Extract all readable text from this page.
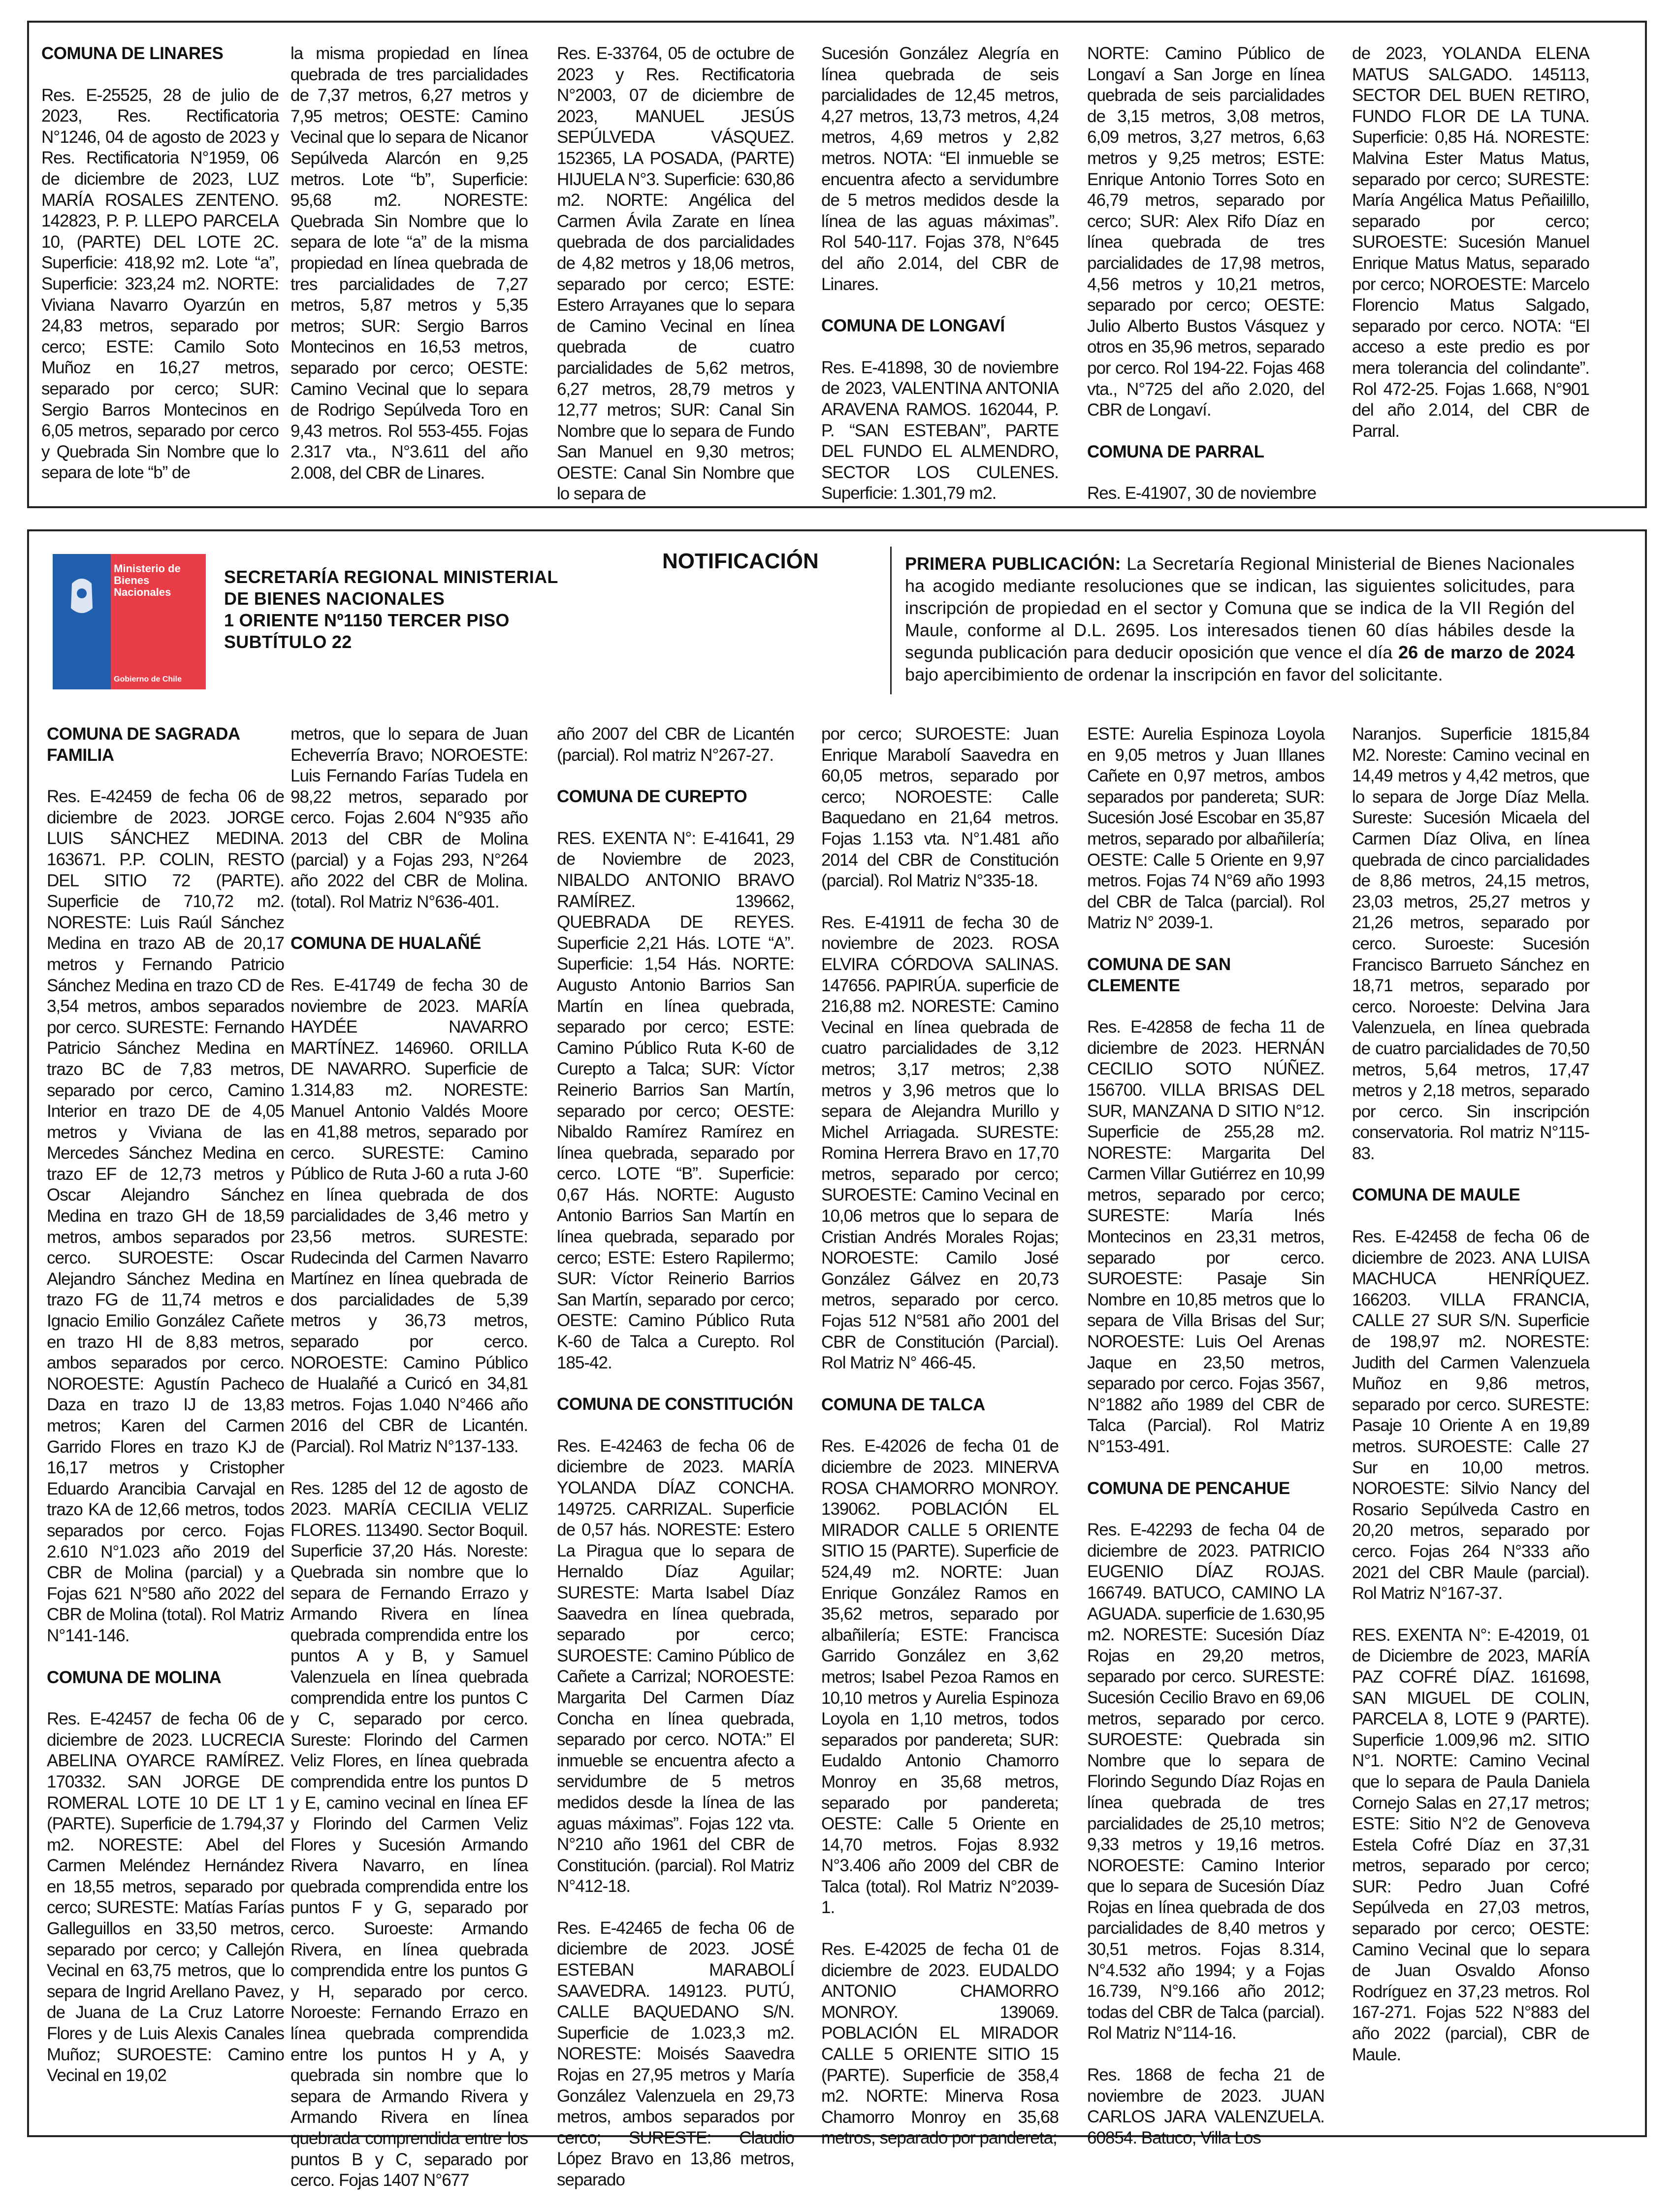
Ministerio de Bienes Nacionales
Gobierno de Chile
SECRETARÍA REGIONAL MINISTERIAL
DE BIENES NACIONALES
1 ORIENTE Nº1150 TERCER PISO
SUBTÍTULO 22
NOTIFICACIÓN	PRIMERA PUBLICACIÓN: La Secretaría Regional Ministerial de Bienes Nacionales ha acogido mediante resoluciones que se indican, las siguientes solicitudes, para inscripción de propiedad en el sector y Comuna que se indica de la VII Región del Maule, conforme al D.L. 2695. Los interesados tienen 60 días hábiles desde la segunda publicación para deducir oposición que vence el día 26 de marzo de 2024 bajo apercibimiento de ordenar la inscripción en favor del solicitante.
COMUNA DE LINARES

Res. E-25525, 28 de julio de 2023, Res. Rectificatoria N°1246, 04 de agosto de 2023 y Res. Rectificatoria N°1959, 06 de diciembre de 2023, LUZ MARÍA ROSALES ZENTENO. 142823, P. P. LLEPO PARCELA 10, (PARTE) DEL LOTE 2C. Superficie: 418,92 m2. Lote “a”, Superficie: 323,24 m2. NORTE: Viviana Navarro Oyarzún en 24,83 metros, separado por cerco; ESTE: Camilo Soto Muñoz en 16,27 metros, separado por cerco; SUR: Sergio Barros Montecinos en 6,05 metros, separado por cerco y Quebrada Sin Nombre que lo separa de lote “b” de

la misma propiedad en línea quebrada de tres parcialidades de 7,37 metros, 6,27 metros y 7,95 metros; OESTE: Camino Vecinal que lo separa de Nicanor Sepúlveda Alarcón en 9,25 metros. Lote “b”, Superficie: 95,68 m2. NORESTE: Quebrada Sin Nombre que lo separa de lote “a” de la misma propiedad en línea quebrada de tres parcialidades de 7,27 metros, 5,87 metros y 5,35 metros; SUR: Sergio Barros Montecinos en 16,53 metros, separado por cerco; OESTE: Camino Vecinal que lo separa de Rodrigo Sepúlveda Toro en 9,43 metros. Rol 553-455. Fojas 2.317 vta., N°3.611 del año 2.008, del CBR de Linares.

Res. E-33764, 05 de octubre de 2023 y Res. Rectificatoria N°2003, 07 de diciembre de 2023, MANUEL JESÚS SEPÚLVEDA VÁSQUEZ. 152365, LA POSADA, (PARTE) HIJUELA N°3. Superficie: 630,86 m2. NORTE: Angélica del Carmen Ávila Zarate en línea quebrada de dos parcialidades de 4,82 metros y 18,06 metros, separado por cerco; ESTE: Estero Arrayanes que lo separa de Camino Vecinal en línea quebrada de cuatro parcialidades de 5,62 metros, 6,27 metros, 28,79 metros y 12,77 metros; SUR: Canal Sin Nombre que lo separa de Fundo San Manuel en 9,30 metros; OESTE: Canal Sin Nombre que lo separa de

Sucesión González Alegría en línea quebrada de seis parcialidades de 12,45 metros, 4,27 metros, 13,73 metros, 4,24 metros, 4,69 metros y 2,82 metros. NOTA: “El inmueble se encuentra afecto a servidumbre de 5 metros medidos desde la línea de las aguas máximas”. Rol 540-117. Fojas 378, N°645 del año 2.014, del CBR de Linares.

COMUNA DE LONGAVÍ

Res. E-41898, 30 de noviembre de 2023, VALENTINA ANTONIA ARAVENA RAMOS. 162044, P. P. “SAN ESTEBAN”, PARTE DEL FUNDO EL ALMENDRO, SECTOR LOS CULENES. Superficie: 1.301,79 m2.

NORTE: Camino Público de Longaví a San Jorge en línea quebrada de seis parcialidades de 3,15 metros, 3,08 metros, 6,09 metros, 3,27 metros, 6,63 metros y 9,25 metros; ESTE: Enrique Antonio Torres Soto en 46,79 metros, separado por cerco; SUR: Alex Rifo Díaz en línea quebrada de tres parcialidades de 17,98 metros, 4,56 metros y 10,21 metros, separado por cerco; OESTE: Julio Alberto Bustos Vásquez y otros en 35,96 metros, separado por cerco. Rol 194-22. Fojas 468 vta., N°725 del año 2.020, del CBR de Longaví.

COMUNA DE PARRAL

Res. E-41907, 30 de noviembre

de 2023, YOLANDA ELENA MATUS SALGADO. 145113, SECTOR DEL BUEN RETIRO, FUNDO FLOR DE LA TUNA. Superficie: 0,85 Há. NORESTE: Malvina Ester Matus Matus, separado por cerco; SURESTE: María Angélica Matus Peñailillo, separado por cerco; SUROESTE: Sucesión Manuel Enrique Matus Matus, separado por cerco; NOROESTE: Marcelo Florencio Matus Salgado, separado por cerco. NOTA: “El acceso a este predio es por mera tolerancia del colindante”. Rol 472-25. Fojas 1.668, N°901 del año 2.014, del CBR de Parral.

COMUNA DE SAGRADA FAMILIA

Res. E-42459 de fecha 06 de diciembre de 2023. JORGE LUIS SÁNCHEZ MEDINA. 163671. P.P. COLIN, RESTO DEL SITIO 72 (PARTE). Superficie de 710,72 m2. NORESTE: Luis Raúl Sánchez Medina en trazo AB de 20,17 metros y Fernando Patricio Sánchez Medina en trazo CD de 3,54 metros, ambos separados por cerco. SURESTE: Fernando Patricio Sánchez Medina en trazo BC de 7,83 metros, separado por cerco, Camino Interior en trazo DE de 4,05 metros y Viviana de las Mercedes Sánchez Medina en trazo EF de 12,73 metros y Oscar Alejandro Sánchez Medina en trazo GH de 18,59 metros, ambos separados por cerco. SUROESTE: Oscar Alejandro Sánchez Medina en trazo FG de 11,74 metros e Ignacio Emilio González Cañete en trazo HI de 8,83 metros, ambos separados por cerco. NOROESTE: Agustín Pacheco Daza en trazo IJ de 13,83 metros; Karen del Carmen Garrido Flores en trazo KJ de 16,17 metros y Cristopher Eduardo Arancibia Carvajal en trazo KA de 12,66 metros, todos separados por cerco. Fojas 2.610 N°1.023 año 2019 del CBR de Molina (parcial) y a Fojas 621 N°580 año 2022 del CBR de Molina (total). Rol Matriz N°141-146.

COMUNA DE MOLINA

Res. E-42457 de fecha 06 de diciembre de 2023. LUCRECIA ABELINA OYARCE RAMÍREZ. 170332. SAN JORGE DE ROMERAL LOTE 10 DE LT 1 (PARTE). Superficie de 1.794,37 m2. NORESTE: Abel del Carmen Meléndez Hernández en 18,55 metros, separado por cerco; SURESTE: Matías Farías Galleguillos en 33,50 metros, separado por cerco; y Callejón Vecinal en 63,75 metros, que lo separa de Ingrid Arellano Pavez, de Juana de La Cruz Latorre Flores y de Luis Alexis Canales Muñoz; SUROESTE: Camino Vecinal en 19,02

metros, que lo separa de Juan Echeverría Bravo; NOROESTE: Luis Fernando Farías Tudela en 98,22 metros, separado por cerco. Fojas 2.604 N°935 año 2013 del CBR de Molina (parcial) y a Fojas 293, N°264 año 2022 del CBR de Molina. (total). Rol Matriz N°636-401.

COMUNA DE HUALAÑÉ

Res. E-41749 de fecha 30 de noviembre de 2023. MARÍA HAYDÉE NAVARRO MARTÍNEZ. 146960. ORILLA DE NAVARRO. Superficie de 1.314,83 m2. NORESTE: Manuel Antonio Valdés Moore en 41,88 metros, separado por cerco. SURESTE: Camino Público de Ruta J-60 a ruta J-60 en línea quebrada de dos parcialidades de 3,46 metro y 23,56 metros. SURESTE: Rudecinda del Carmen Navarro Martínez en línea quebrada de dos parcialidades de 5,39 metros y 36,73 metros, separado por cerco. NOROESTE: Camino Público de Hualañé a Curicó en 34,81 metros. Fojas 1.040 N°466 año 2016 del CBR de Licantén. (Parcial). Rol Matriz N°137-133.

Res. 1285 del 12 de agosto de 2023. MARÍA CECILIA VELIZ FLORES. 113490. Sector Boquil. Superficie 37,20 Hás. Noreste: Quebrada sin nombre que lo separa de Fernando Errazo y Armando Rivera en línea quebrada comprendida entre los puntos A y B, y Samuel Valenzuela en línea quebrada comprendida entre los puntos C y C, separado por cerco. Sureste: Florindo del Carmen Veliz Flores, en línea quebrada comprendida entre los puntos D y E, camino vecinal en línea EF y Florindo del Carmen Veliz Flores y Sucesión Armando Rivera Navarro, en línea quebrada comprendida entre los puntos F y G, separado por cerco. Suroeste: Armando Rivera, en línea quebrada comprendida entre los puntos G y H, separado por cerco. Noroeste: Fernando Errazo en línea quebrada comprendida entre los puntos H y A, y quebrada sin nombre que lo separa de Armando Rivera y Armando Rivera en línea quebrada comprendida entre los puntos B y C, separado por cerco. Fojas 1407 N°677

año 2007 del CBR de Licantén (parcial). Rol matriz N°267-27.

COMUNA DE CUREPTO

RES. EXENTA N°: E-41641, 29 de Noviembre de 2023, NIBALDO ANTONIO BRAVO RAMÍREZ. 139662, QUEBRADA DE REYES. Superficie 2,21 Hás. LOTE “A”. Superficie: 1,54 Hás. NORTE: Augusto Antonio Barrios San Martín en línea quebrada, separado por cerco; ESTE: Camino Público Ruta K-60 de Curepto a Talca; SUR: Víctor Reinerio Barrios San Martín, separado por cerco; OESTE: Nibaldo Ramírez Ramírez en línea quebrada, separado por cerco. LOTE “B”. Superficie: 0,67 Hás. NORTE: Augusto Antonio Barrios San Martín en línea quebrada, separado por cerco; ESTE: Estero Rapilermo; SUR: Víctor Reinerio Barrios San Martín, separado por cerco; OESTE: Camino Público Ruta K-60 de Talca a Curepto. Rol 185-42.

COMUNA DE CONSTITUCIÓN

Res. E-42463 de fecha 06 de diciembre de 2023. MARÍA YOLANDA DÍAZ CONCHA. 149725. CARRIZAL. Superficie de 0,57 hás. NORESTE: Estero La Piragua que lo separa de Hernaldo Díaz Aguilar; SURESTE: Marta Isabel Díaz Saavedra en línea quebrada, separado por cerco; SUROESTE: Camino Público de Cañete a Carrizal; NOROESTE: Margarita Del Carmen Díaz Concha en línea quebrada, separado por cerco. NOTA:” El inmueble se encuentra afecto a servidumbre de 5 metros medidos desde la línea de las aguas máximas”. Fojas 122 vta. N°210 año 1961 del CBR de Constitución. (parcial). Rol Matriz N°412-18.

Res. E-42465 de fecha 06 de diciembre de 2023. JOSÉ ESTEBAN MARABOLÍ SAAVEDRA. 149123. PUTÚ, CALLE BAQUEDANO S/N. Superficie de 1.023,3 m2. NORESTE: Moisés Saavedra Rojas en 27,95 metros y María González Valenzuela en 29,73 metros, ambos separados por cerco; SURESTE: Claudio López Bravo en 13,86 metros, separado

por cerco; SUROESTE: Juan Enrique Marabolí Saavedra en 60,05 metros, separado por cerco; NOROESTE: Calle Baquedano en 21,64 metros. Fojas 1.153 vta. N°1.481 año 2014 del CBR de Constitución (parcial). Rol Matriz N°335-18.

Res. E-41911 de fecha 30 de noviembre de 2023. ROSA ELVIRA CÓRDOVA SALINAS. 147656. PAPIRÚA. superficie de 216,88 m2. NORESTE: Camino Vecinal en línea quebrada de cuatro parcialidades de 3,12 metros; 3,17 metros; 2,38 metros y 3,96 metros que lo separa de Alejandra Murillo y Michel Arriagada. SURESTE: Romina Herrera Bravo en 17,70 metros, separado por cerco; SUROESTE: Camino Vecinal en 10,06 metros que lo separa de Cristian Andrés Morales Rojas; NOROESTE: Camilo José González Gálvez en 20,73 metros, separado por cerco. Fojas 512 N°581 año 2001 del CBR de Constitución (Parcial). Rol Matriz N° 466-45.

COMUNA DE TALCA

Res. E-42026 de fecha 01 de diciembre de 2023. MINERVA ROSA CHAMORRO MONROY. 139062. POBLACIÓN EL MIRADOR CALLE 5 ORIENTE SITIO 15 (PARTE). Superficie de 524,49 m2. NORTE: Juan Enrique González Ramos en 35,62 metros, separado por albañilería; ESTE: Francisca Garrido González en 3,62 metros; Isabel Pezoa Ramos en 10,10 metros y Aurelia Espinoza Loyola en 1,10 metros, todos separados por pandereta; SUR: Eudaldo Antonio Chamorro Monroy en 35,68 metros, separado por pandereta; OESTE: Calle 5 Oriente en 14,70 metros. Fojas 8.932 N°3.406 año 2009 del CBR de Talca (total). Rol Matriz N°2039-1.

Res. E-42025 de fecha 01 de diciembre de 2023. EUDALDO ANTONIO CHAMORRO MONROY. 139069. POBLACIÓN EL MIRADOR CALLE 5 ORIENTE SITIO 15 (PARTE). Superficie de 358,4 m2. NORTE: Minerva Rosa Chamorro Monroy en 35,68 metros, separado por pandereta;

ESTE: Aurelia Espinoza Loyola en 9,05 metros y Juan Illanes Cañete en 0,97 metros, ambos separados por pandereta; SUR: Sucesión José Escobar en 35,87 metros, separado por albañilería; OESTE: Calle 5 Oriente en 9,97 metros. Fojas 74 N°69 año 1993 del CBR de Talca (parcial). Rol Matriz N° 2039-1.

COMUNA DE SAN CLEMENTE

Res. E-42858 de fecha 11 de diciembre de 2023. HERNÁN CECILIO SOTO NÚÑEZ. 156700. VILLA BRISAS DEL SUR, MANZANA D SITIO N°12. Superficie de 255,28 m2. NORESTE: Margarita Del Carmen Villar Gutiérrez en 10,99 metros, separado por cerco; SURESTE: María Inés Montecinos en 23,31 metros, separado por cerco. SUROESTE: Pasaje Sin Nombre en 10,85 metros que lo separa de Villa Brisas del Sur; NOROESTE: Luis Oel Arenas Jaque en 23,50 metros, separado por cerco. Fojas 3567, N°1882 año 1989 del CBR de Talca (Parcial). Rol Matriz N°153-491.

COMUNA DE PENCAHUE

Res. E-42293 de fecha 04 de diciembre de 2023. PATRICIO EUGENIO DÍAZ ROJAS. 166749. BATUCO, CAMINO LA AGUADA. superficie de 1.630,95 m2. NORESTE: Sucesión Díaz Rojas en 29,20 metros, separado por cerco. SURESTE: Sucesión Cecilio Bravo en 69,06 metros, separado por cerco. SUROESTE: Quebrada sin Nombre que lo separa de Florindo Segundo Díaz Rojas en línea quebrada de tres parcialidades de 25,10 metros; 9,33 metros y 19,16 metros. NOROESTE: Camino Interior que lo separa de Sucesión Díaz Rojas en línea quebrada de dos parcialidades de 8,40 metros y 30,51 metros. Fojas 8.314, N°4.532 año 1994; y a Fojas 16.739, N°9.166 año 2012; todas del CBR de Talca (parcial). Rol Matriz N°114-16.

Res. 1868 de fecha 21 de noviembre de 2023. JUAN CARLOS JARA VALENZUELA. 60854. Batuco, Villa Los

Naranjos. Superficie 1815,84 M2. Noreste: Camino vecinal en 14,49 metros y 4,42 metros, que lo separa de Jorge Díaz Mella. Sureste: Sucesión Micaela del Carmen Díaz Oliva, en línea quebrada de cinco parcialidades de 8,86 metros, 24,15 metros, 23,03 metros, 25,27 metros y 21,26 metros, separado por cerco. Suroeste: Sucesión Francisco Barrueto Sánchez en 18,71 metros, separado por cerco. Noroeste: Delvina Jara Valenzuela, en línea quebrada de cuatro parcialidades de 70,50 metros, 5,64 metros, 17,47 metros y 2,18 metros, separado por cerco. Sin inscripción conservatoria. Rol matriz N°115-83.

COMUNA DE MAULE

Res. E-42458 de fecha 06 de diciembre de 2023. ANA LUISA MACHUCA HENRÍQUEZ. 166203. VILLA FRANCIA, CALLE 27 SUR S/N. Superficie de 198,97 m2. NORESTE: Judith del Carmen Valenzuela Muñoz en 9,86 metros, separado por cerco. SURESTE: Pasaje 10 Oriente A en 19,89 metros. SUROESTE: Calle 27 Sur en 10,00 metros. NOROESTE: Silvio Nancy del Rosario Sepúlveda Castro en 20,20 metros, separado por cerco. Fojas 264 N°333 año 2021 del CBR Maule (parcial). Rol Matriz N°167-37.

RES. EXENTA N°: E-42019, 01 de Diciembre de 2023, MARÍA PAZ COFRÉ DÍAZ. 161698, SAN MIGUEL DE COLIN, PARCELA 8, LOTE 9 (PARTE). Superficie 1.009,96 m2. SITIO N°1. NORTE: Camino Vecinal que lo separa de Paula Daniela Cornejo Salas en 27,17 metros; ESTE: Sitio N°2 de Genoveva Estela Cofré Díaz en 37,31 metros, separado por cerco; SUR: Pedro Juan Cofré Sepúlveda en 27,03 metros, separado por cerco; OESTE: Camino Vecinal que lo separa de Juan Osvaldo Afonso Rodríguez en 37,23 metros. Rol 167-271. Fojas 522 N°883 del año 2022 (parcial), CBR de Maule.
